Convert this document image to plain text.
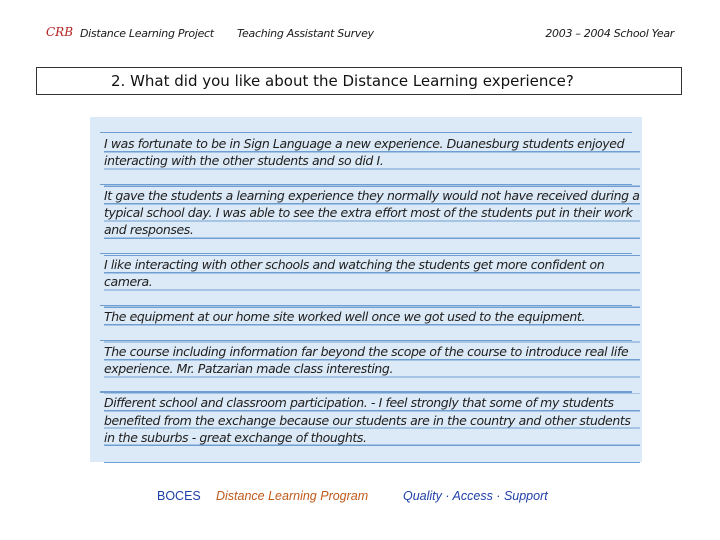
CRB Distance Learning Project Teaching Assistant Survey	2003 – 2004 School Year
2. What did you like about the Distance Learning experience?
I was fortunate to be in Sign Language a new experience. Duanesburg students enjoyed interacting with the other students and so did I.
It gave the students a learning experience they normally would not have received during a typical school day. I was able to see the extra effort most of the students put in their work and responses.
I like interacting with other schools and watching the students get more confident on camera.
The equipment at our home site worked well once we got used to the equipment.
The course including information far beyond the scope of the course to introduce real life experience. Mr. Patzarian made class interesting.
Different school and classroom participation. - I feel strongly that some of my students benefited from the exchange because our students are in the country and other students in the suburbs - great exchange of thoughts.
BOCES Distance Learning Program	Quality · Access · Support
